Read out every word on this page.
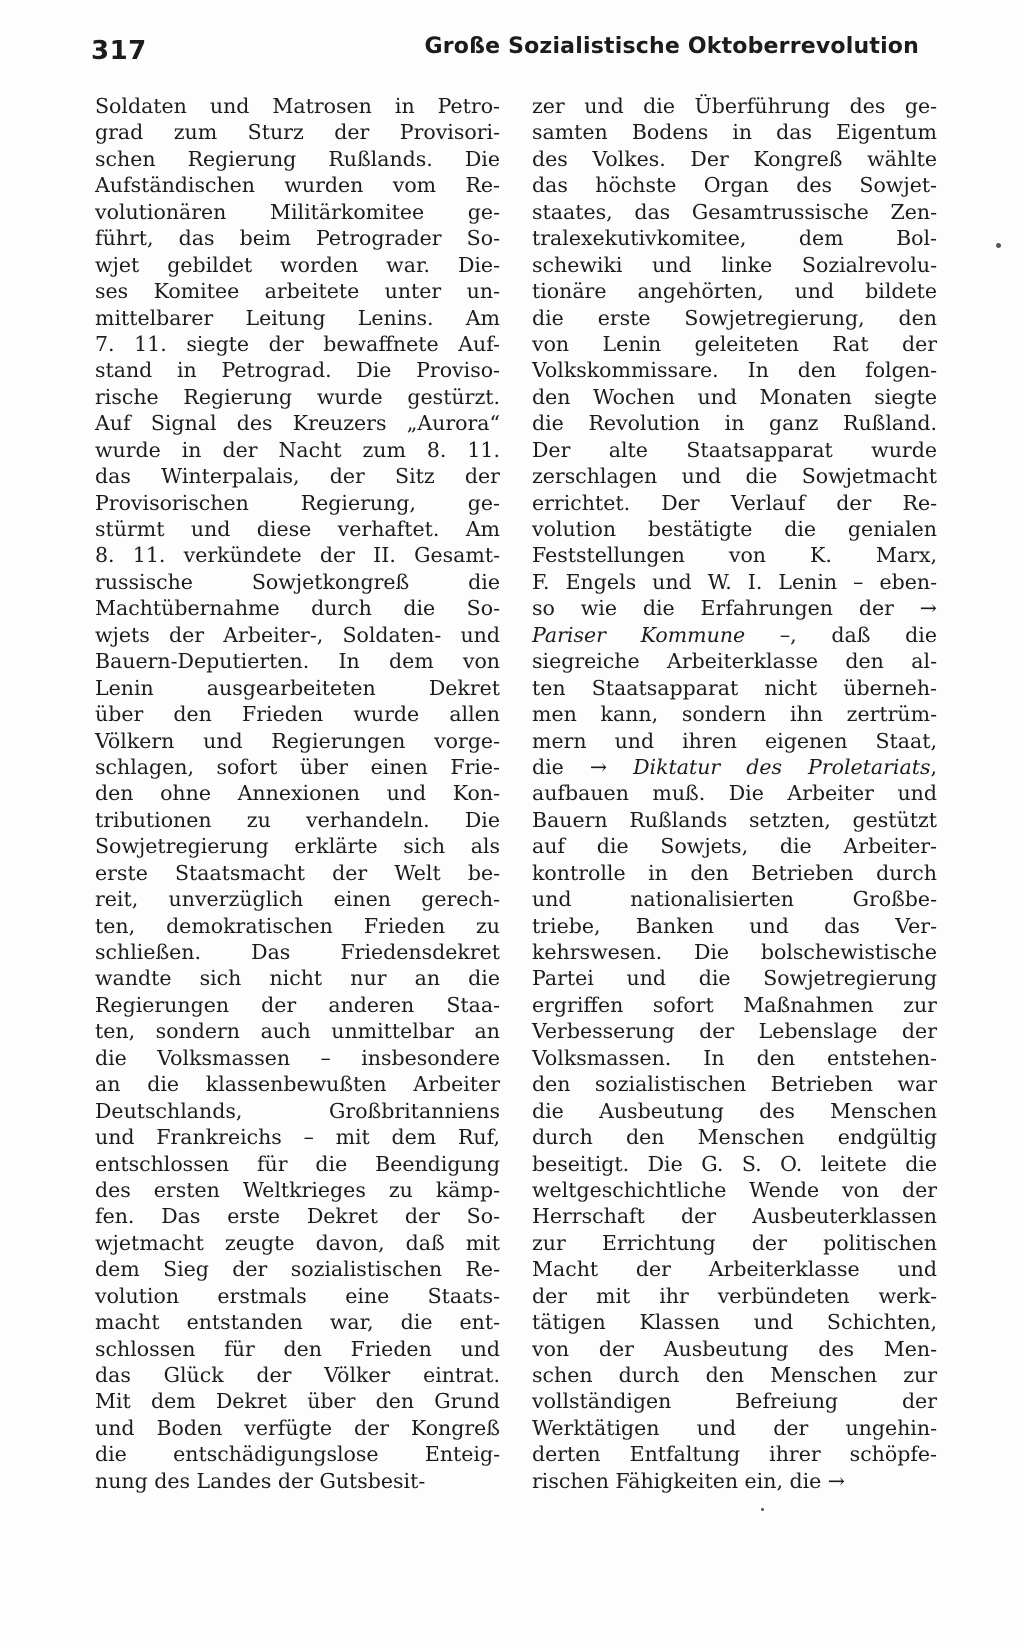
317	Große Sozialistische Oktoberrevolution
Soldaten und Matrosen in Petro-
grad zum Sturz der Provisori-
schen Regierung Rußlands. Die
Aufständischen wurden vom Re-
volutionären Militärkomitee ge-
führt, das beim Petrograder So-
wjet gebildet worden war. Die-
ses Komitee arbeitete unter un-
mittelbarer Leitung Lenins. Am
7. 11. siegte der bewaffnete Auf-
stand in Petrograd. Die Proviso-
rische Regierung wurde gestürzt.
Auf Signal des Kreuzers „Aurora“
wurde in der Nacht zum 8. 11.
das Winterpalais, der Sitz der
Provisorischen Regierung, ge-
stürmt und diese verhaftet. Am
8. 11. verkündete der II. Gesamt-
russische Sowjetkongreß die
Machtübernahme durch die So-
wjets der Arbeiter-, Soldaten- und
Bauern-Deputierten. In dem von
Lenin ausgearbeiteten Dekret
über den Frieden wurde allen
Völkern und Regierungen vorge-
schlagen, sofort über einen Frie-
den ohne Annexionen und Kon-
tributionen zu verhandeln. Die
Sowjetregierung erklärte sich als
erste Staatsmacht der Welt be-
reit, unverzüglich einen gerech-
ten, demokratischen Frieden zu
schließen. Das Friedensdekret
wandte sich nicht nur an die
Regierungen der anderen Staa-
ten, sondern auch unmittelbar an
die Volksmassen – insbesondere
an die klassenbewußten Arbeiter
Deutschlands, Großbritanniens
und Frankreichs – mit dem Ruf,
entschlossen für die Beendigung
des ersten Weltkrieges zu kämp-
fen. Das erste Dekret der So-
wjetmacht zeugte davon, daß mit
dem Sieg der sozialistischen Re-
volution erstmals eine Staats-
macht entstanden war, die ent-
schlossen für den Frieden und
das Glück der Völker eintrat.
Mit dem Dekret über den Grund
und Boden verfügte der Kongreß
die entschädigungslose Enteig-
nung des Landes der Gutsbesit-
zer und die Überführung des ge-
samten Bodens in das Eigentum
des Volkes. Der Kongreß wählte
das höchste Organ des Sowjet-
staates, das Gesamtrussische Zen-
tralexekutivkomitee, dem Bol-
schewiki und linke Sozialrevolu-
tionäre angehörten, und bildete
die erste Sowjetregierung, den
von Lenin geleiteten Rat der
Volkskommissare. In den folgen-
den Wochen und Monaten siegte
die Revolution in ganz Rußland.
Der alte Staatsapparat wurde
zerschlagen und die Sowjetmacht
errichtet. Der Verlauf der Re-
volution bestätigte die genialen
Feststellungen von K. Marx,
F. Engels und W. I. Lenin – eben-
so wie die Erfahrungen der →
Pariser Kommune –, daß die
siegreiche Arbeiterklasse den al-
ten Staatsapparat nicht überneh-
men kann, sondern ihn zertrüm-
mern und ihren eigenen Staat,
die → Diktatur des Proletariats,
aufbauen muß. Die Arbeiter und
Bauern Rußlands setzten, gestützt
auf die Sowjets, die Arbeiter-
kontrolle in den Betrieben durch
und nationalisierten Großbe-
triebe, Banken und das Ver-
kehrswesen. Die bolschewistische
Partei und die Sowjetregierung
ergriffen sofort Maßnahmen zur
Verbesserung der Lebenslage der
Volksmassen. In den entstehen-
den sozialistischen Betrieben war
die Ausbeutung des Menschen
durch den Menschen endgültig
beseitigt. Die G. S. O. leitete die
weltgeschichtliche Wende von der
Herrschaft der Ausbeuterklassen
zur Errichtung der politischen
Macht der Arbeiterklasse und
der mit ihr verbündeten werk-
tätigen Klassen und Schichten,
von der Ausbeutung des Men-
schen durch den Menschen zur
vollständigen Befreiung der
Werktätigen und der ungehin-
derten Entfaltung ihrer schöpfe-
rischen Fähigkeiten ein, die →
